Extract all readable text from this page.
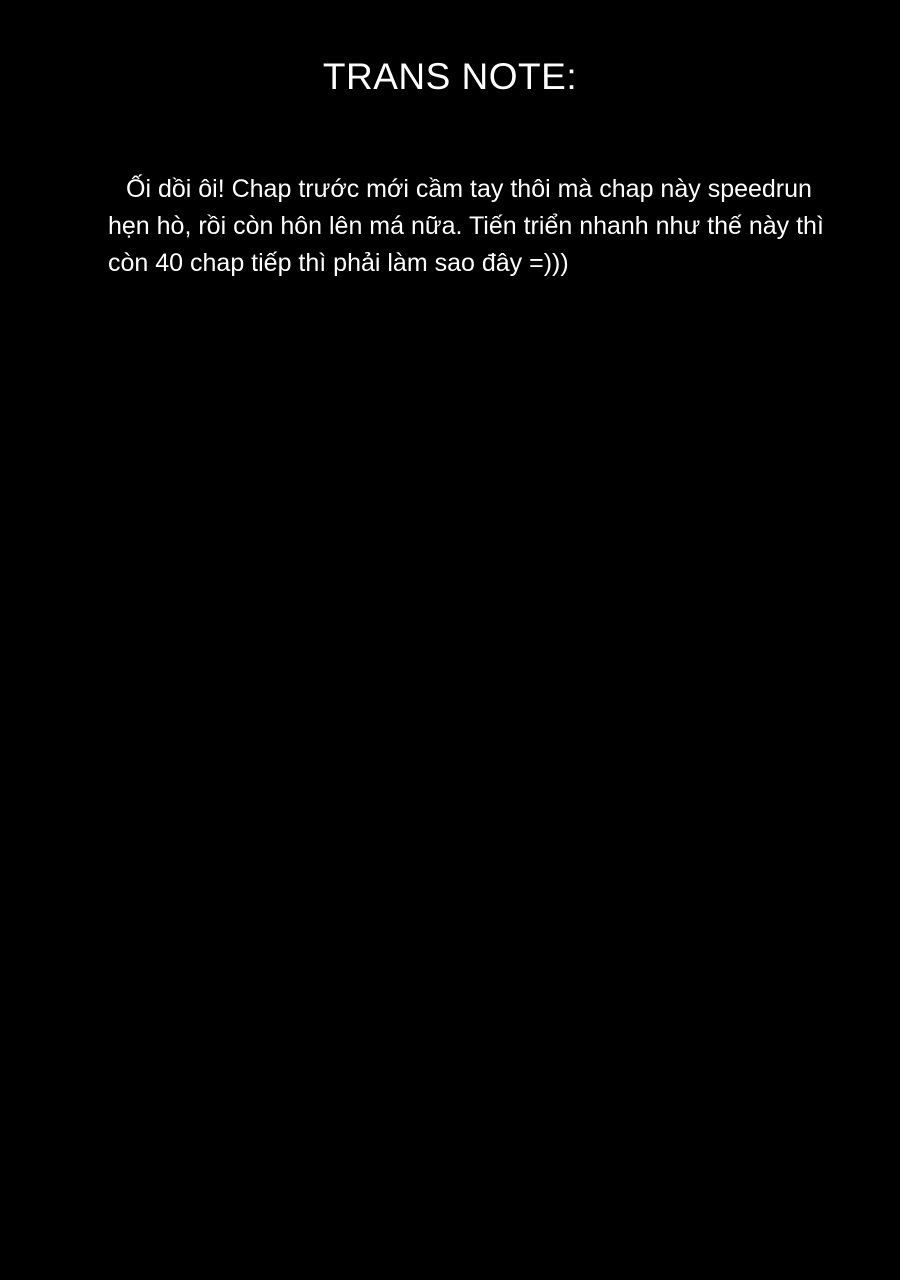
TRANS NOTE:
Ối dồi ôi! Chap trước mới cầm tay thôi mà chap này speedrun
hẹn hò, rồi còn hôn lên má nữa. Tiến triển nhanh như thế này thì
còn 40 chap tiếp thì phải làm sao đây =)))
